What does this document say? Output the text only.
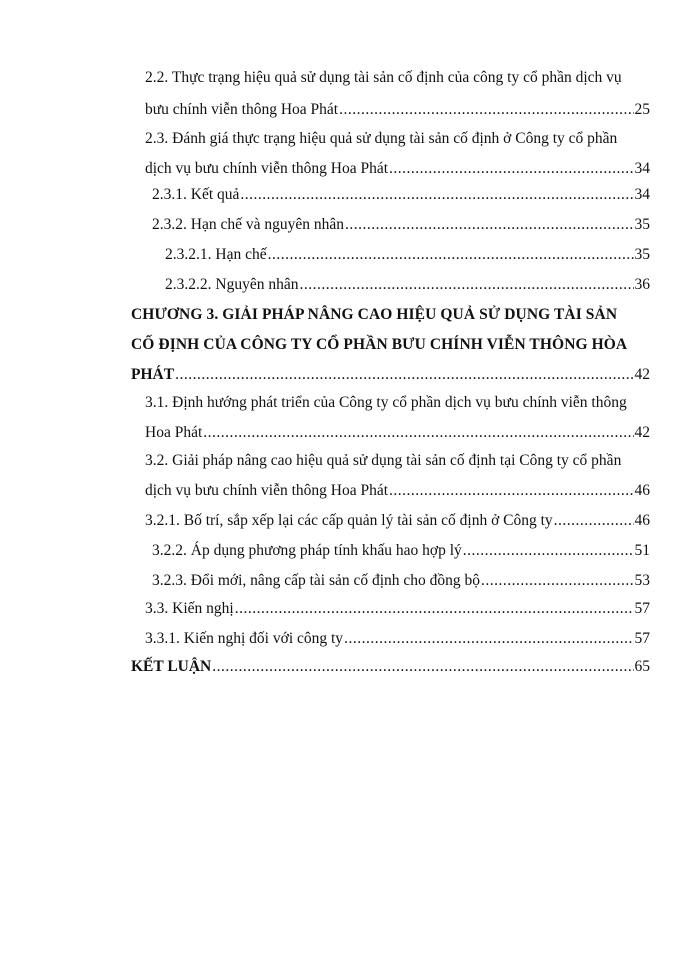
2.2. Thực trạng hiệu quả sử dụng tài sản cố định của công ty cổ phần dịch vụ
bưu chính viễn thông Hoa Phát .....	25
2.3. Đánh giá thực trạng hiệu quả sử dụng tài sản cố định ở Công ty cổ phần
dịch vụ bưu chính viễn thông Hoa Phát .....	34
2.3.1. Kết quả .....	34
2.3.2. Hạn chế và nguyên nhân .....	35
2.3.2.1. Hạn chế .....	35
2.3.2.2. Nguyên nhân .....	36
CHƯƠNG 3. GIẢI PHÁP NÂNG CAO HIỆU QUẢ SỬ DỤNG TÀI SẢN
CỐ ĐỊNH CỦA CÔNG TY CỔ PHẦN BƯU CHÍNH VIỄN THÔNG HÒA
PHÁT .....	42
3.1. Định hướng phát triển của Công ty cổ phần dịch vụ bưu chính viễn thông
Hoa Phát .....	42
3.2. Giải pháp nâng cao hiệu quả sử dụng tài sản cố định tại Công ty cổ phần
dịch vụ bưu chính viễn thông Hoa Phát .....	46
3.2.1. Bố trí, sắp xếp lại các cấp quản lý tài sản cố định ở Công ty .....	46
3.2.2. Áp dụng phương pháp tính khấu hao hợp lý .....	51
3.2.3. Đổi mới, nâng cấp tài sản cố định cho đồng bộ .....	53
3.3. Kiến nghị .....	57
3.3.1. Kiến nghị đối với công ty .....	57
KẾT LUẬN .....	65
